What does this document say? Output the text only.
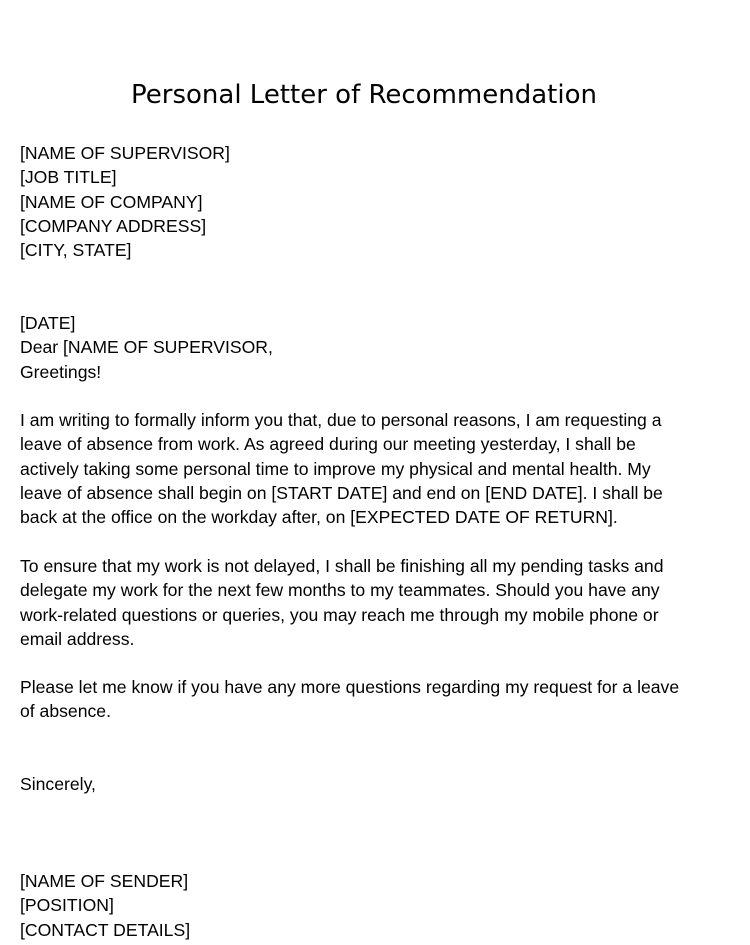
Personal Letter of Recommendation
[NAME OF SUPERVISOR]
[JOB TITLE]
[NAME OF COMPANY]
[COMPANY ADDRESS]
[CITY, STATE]
[DATE]
Dear [NAME OF SUPERVISOR,
Greetings!
I am writing to formally inform you that, due to personal reasons, I am requesting a
leave of absence from work. As agreed during our meeting yesterday, I shall be
actively taking some personal time to improve my physical and mental health. My
leave of absence shall begin on [START DATE] and end on [END DATE]. I shall be
back at the office on the workday after, on [EXPECTED DATE OF RETURN].
To ensure that my work is not delayed, I shall be finishing all my pending tasks and
delegate my work for the next few months to my teammates. Should you have any
work-related questions or queries, you may reach me through my mobile phone or
email address.
Please let me know if you have any more questions regarding my request for a leave
of absence.
Sincerely,
[NAME OF SENDER]
[POSITION]
[CONTACT DETAILS]
